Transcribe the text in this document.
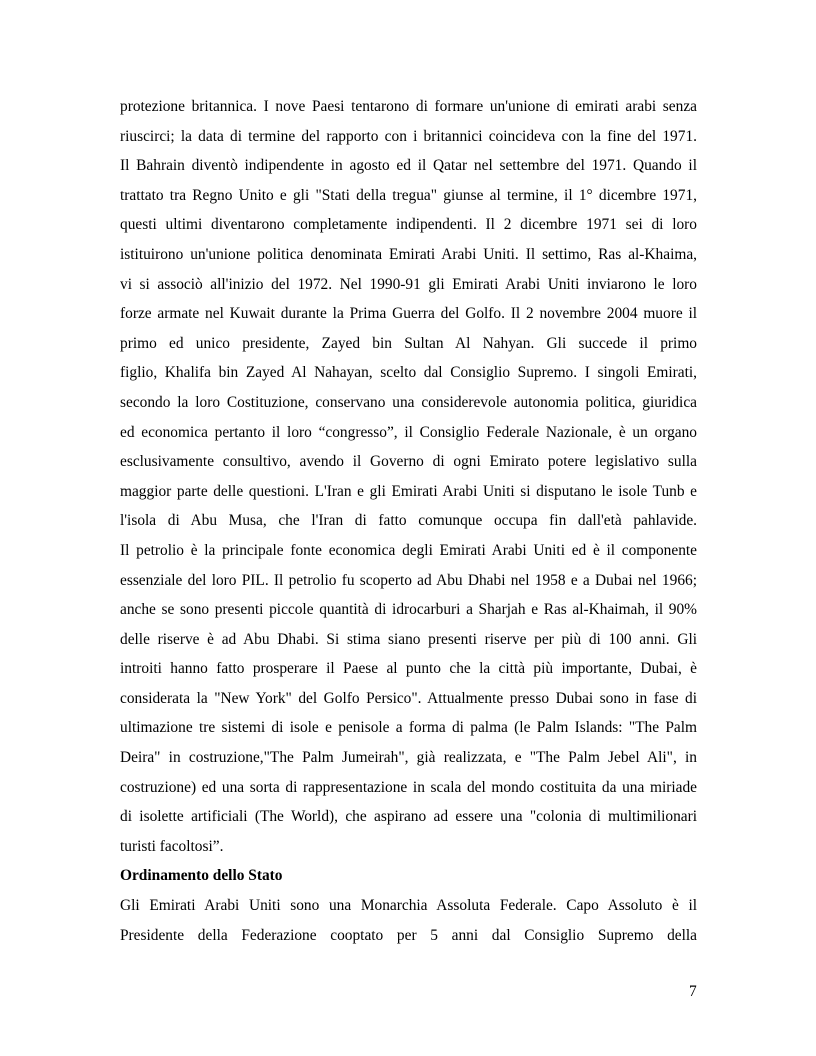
protezione britannica. I nove Paesi tentarono di formare un'unione di emirati arabi senza
riuscirci; la data di termine del rapporto con i britannici coincideva con la fine del 1971.
Il Bahrain diventò indipendente in agosto ed il Qatar nel settembre del 1971. Quando il
trattato tra Regno Unito e gli "Stati della tregua" giunse al termine, il 1° dicembre 1971,
questi ultimi diventarono completamente indipendenti. Il 2 dicembre 1971 sei di loro
istituirono un'unione politica denominata Emirati Arabi Uniti. Il settimo, Ras al-Khaima,
vi si associò all'inizio del 1972. Nel 1990-91 gli Emirati Arabi Uniti inviarono le loro
forze armate nel Kuwait durante la Prima Guerra del Golfo. Il 2 novembre 2004 muore il
primo ed unico presidente, Zayed bin Sultan Al Nahyan. Gli succede il primo
figlio, Khalifa bin Zayed Al Nahayan, scelto dal Consiglio Supremo. I singoli Emirati,
secondo la loro Costituzione, conservano una considerevole autonomia politica, giuridica
ed economica pertanto il loro “congresso”, il Consiglio Federale Nazionale, è un organo
esclusivamente consultivo, avendo il Governo di ogni Emirato potere legislativo sulla
maggior parte delle questioni. L'Iran e gli Emirati Arabi Uniti si disputano le isole Tunb e
l'isola di Abu Musa, che l'Iran di fatto comunque occupa fin dall'età pahlavide.
Il petrolio è la principale fonte economica degli Emirati Arabi Uniti ed è il componente
essenziale del loro PIL. Il petrolio fu scoperto ad Abu Dhabi nel 1958 e a Dubai nel 1966;
anche se sono presenti piccole quantità di idrocarburi a Sharjah e Ras al-Khaimah, il 90%
delle riserve è ad Abu Dhabi. Si stima siano presenti riserve per più di 100 anni. Gli
introiti hanno fatto prosperare il Paese al punto che la città più importante, Dubai, è
considerata la "New York" del Golfo Persico". Attualmente presso Dubai sono in fase di
ultimazione tre sistemi di isole e penisole a forma di palma (le Palm Islands: "The Palm
Deira" in costruzione,"The Palm Jumeirah", già realizzata, e "The Palm Jebel Ali", in
costruzione) ed una sorta di rappresentazione in scala del mondo costituita da una miriade
di isolette artificiali (The World), che aspirano ad essere una "colonia di multimilionari
turisti facoltosi”.
Ordinamento dello Stato
Gli Emirati Arabi Uniti sono una Monarchia Assoluta Federale. Capo Assoluto è il
Presidente della Federazione cooptato per 5 anni dal Consiglio Supremo della
7
